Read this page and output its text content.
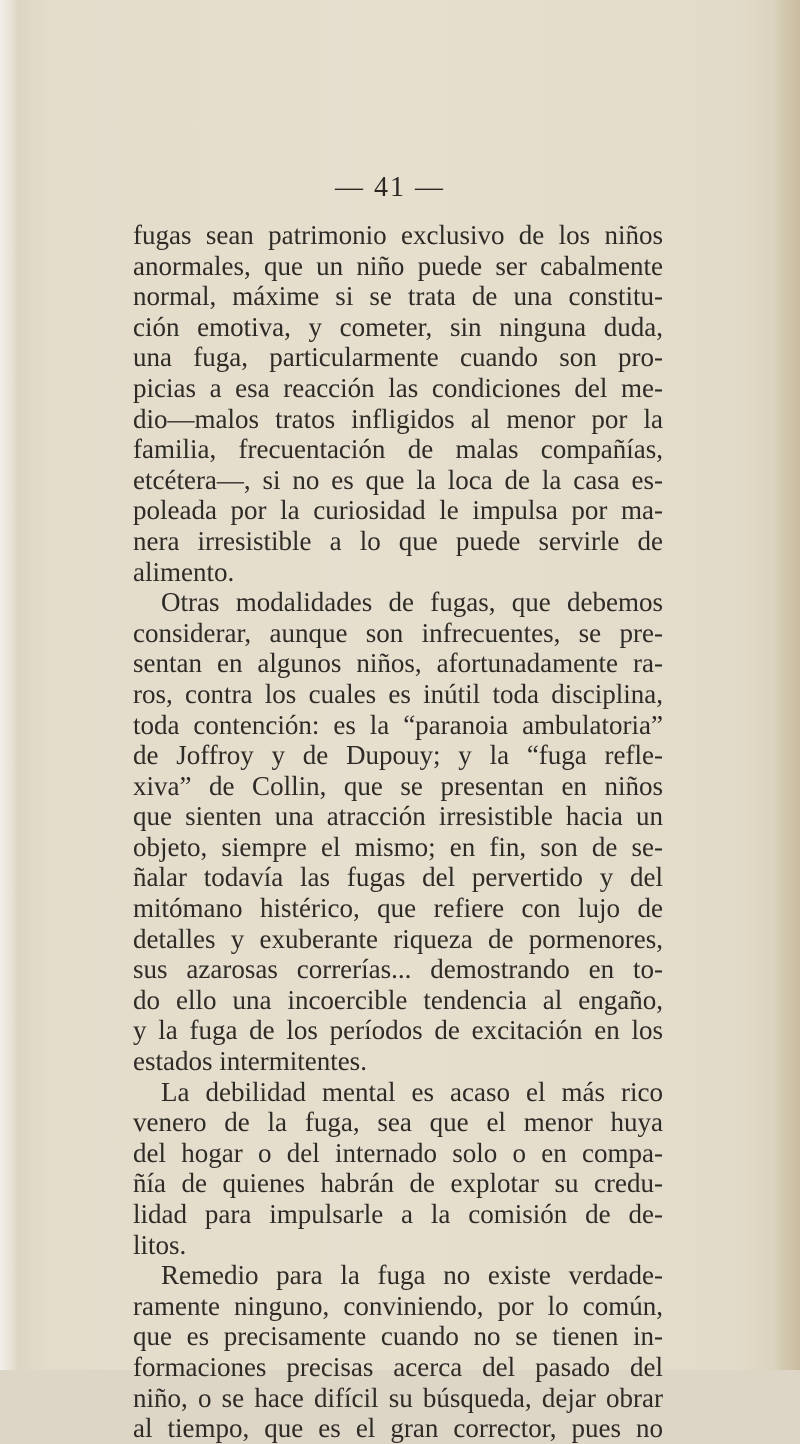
— 41 —
fugas sean patrimonio exclusivo de los niños
anormales, que un niño puede ser cabalmente
normal, máxime si se trata de una constitu-
ción emotiva, y cometer, sin ninguna duda,
una fuga, particularmente cuando son pro-
picias a esa reacción las condiciones del me-
dio—malos tratos infligidos al menor por la
familia, frecuentación de malas compañías,
etcétera—, si no es que la loca de la casa es-
poleada por la curiosidad le impulsa por ma-
nera irresistible a lo que puede servirle de
alimento.
Otras modalidades de fugas, que debemos
considerar, aunque son infrecuentes, se pre-
sentan en algunos niños, afortunadamente ra-
ros, contra los cuales es inútil toda disciplina,
toda contención: es la “paranoia ambulatoria”
de Joffroy y de Dupouy; y la “fuga refle-
xiva” de Collin, que se presentan en niños
que sienten una atracción irresistible hacia un
objeto, siempre el mismo; en fin, son de se-
ñalar todavía las fugas del pervertido y del
mitómano histérico, que refiere con lujo de
detalles y exuberante riqueza de pormenores,
sus azarosas correrías... demostrando en to-
do ello una incoercible tendencia al engaño,
y la fuga de los períodos de excitación en los
estados intermitentes.
La debilidad mental es acaso el más rico
venero de la fuga, sea que el menor huya
del hogar o del internado solo o en compa-
ñía de quienes habrán de explotar su credu-
lidad para impulsarle a la comisión de de-
litos.
Remedio para la fuga no existe verdade-
ramente ninguno, conviniendo, por lo común,
que es precisamente cuando no se tienen in-
formaciones precisas acerca del pasado del
niño, o se hace difícil su búsqueda, dejar obrar
al tiempo, que es el gran corrector, pues no
